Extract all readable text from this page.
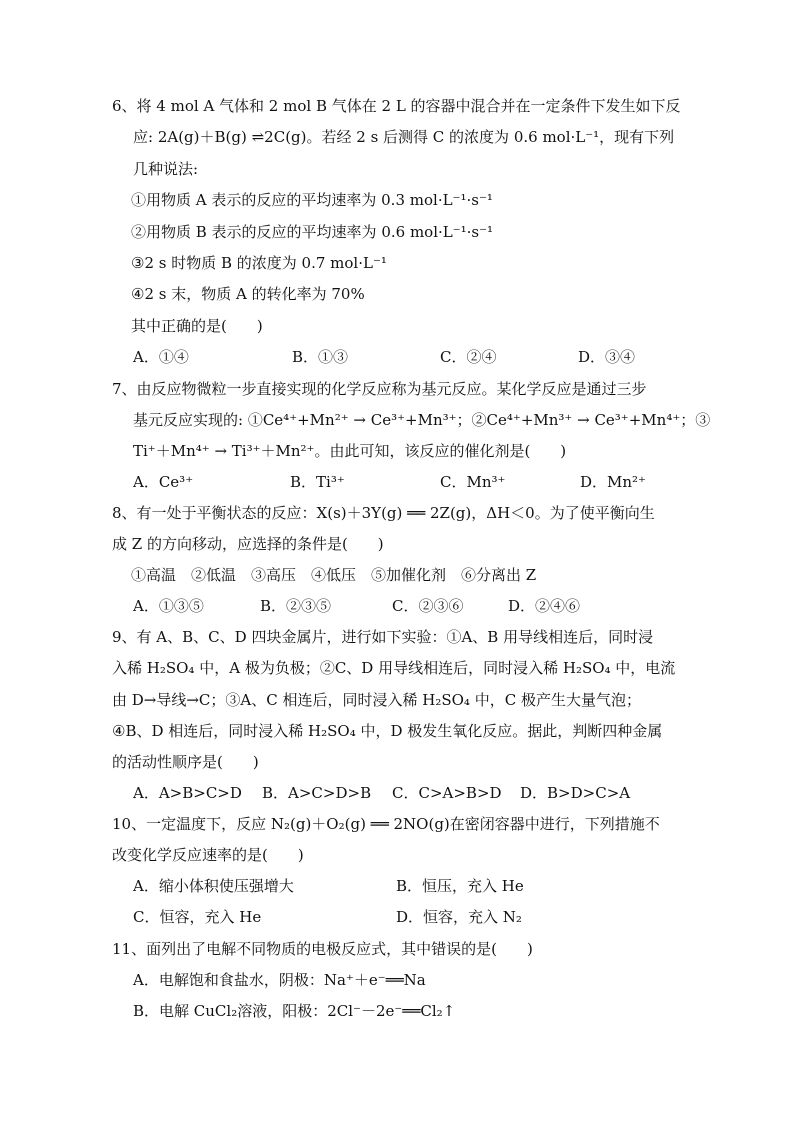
6、将 4 mol A 气体和 2 mol B 气体在 2 L 的容器中混合并在一定条件下发生如下反
应: 2A(g)＋B(g) ⇌2C(g)。若经 2 s 后测得 C 的浓度为 0.6 mol·L⁻¹，现有下列
几种说法:
①用物质 A 表示的反应的平均速率为 0.3 mol·L⁻¹·s⁻¹
②用物质 B 表示的反应的平均速率为 0.6 mol·L⁻¹·s⁻¹
③2 s 时物质 B 的浓度为 0.7 mol·L⁻¹
④2 s 末，物质 A 的转化率为 70%
其中正确的是(　　)
A．①④	B．①③	C．②④	D．③④
7、由反应物微粒一步直接实现的化学反应称为基元反应。某化学反应是通过三步
基元反应实现的: ①Ce⁴⁺+Mn²⁺ → Ce³⁺+Mn³⁺；②Ce⁴⁺+Mn³⁺ → Ce³⁺+Mn⁴⁺；③
Ti⁺＋Mn⁴⁺ → Ti³⁺＋Mn²⁺。由此可知，该反应的催化剂是(　　)
A．Ce³⁺	B．Ti³⁺	C．Mn³⁺	D．Mn²⁺
8、有一处于平衡状态的反应：X(s)＋3Y(g) ══ 2Z(g)，ΔH＜0。为了使平衡向生
成 Z 的方向移动，应选择的条件是(　　)
①高温　②低温　③高压　④低压　⑤加催化剂　⑥分离出 Z
A．①③⑤	B．②③⑤	C．②③⑥	D．②④⑥
9、有 A、B、C、D 四块金属片，进行如下实验：①A、B 用导线相连后，同时浸
入稀 H₂SO₄ 中，A 极为负极；②C、D 用导线相连后，同时浸入稀 H₂SO₄ 中，电流
由 D→导线→C；③A、C 相连后，同时浸入稀 H₂SO₄ 中，C 极产生大量气泡；
④B、D 相连后，同时浸入稀 H₂SO₄ 中，D 极发生氧化反应。据此，判断四种金属
的活动性顺序是(　　)
A．A>B>C>D B．A>C>D>B C．C>A>B>D D．B>D>C>A
10、一定温度下，反应 N₂(g)＋O₂(g) ══ 2NO(g)在密闭容器中进行，下列措施不
改变化学反应速率的是(　　)
A．缩小体积使压强增大	B．恒压，充入 He
C．恒容，充入 He	D．恒容，充入 N₂
11、面列出了电解不同物质的电极反应式，其中错误的是(　　)
A．电解饱和食盐水，阴极：Na⁺＋e⁻══Na
B．电解 CuCl₂溶液，阳极：2Cl⁻－2e⁻══Cl₂↑
